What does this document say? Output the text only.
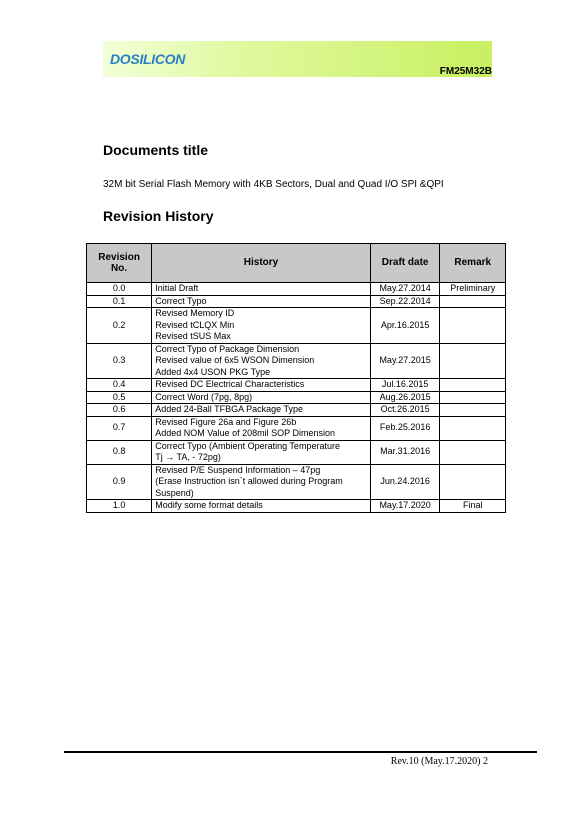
DOSILICON
FM25M32B
Documents title
32M bit Serial Flash Memory with 4KB Sectors, Dual and Quad I/O SPI &QPI
Revision History
Revision No.	History	Draft date	Remark
0.0	Initial Draft	May.27.2014	Preliminary
0.1	Correct Typo	Sep.22.2014	
0.2	Revised Memory ID
Revised tCLQX Min
Revised tSUS Max	Apr.16.2015	
0.3	Correct Typo of Package Dimension
Revised value of 6x5 WSON Dimension
Added 4x4 USON PKG Type	May.27.2015	
0.4	Revised DC Electrical Characteristics	Jul.16.2015	
0.5	Correct Word (7pg, 8pg)	Aug.26.2015	
0.6	Added 24-Ball TFBGA Package Type	Oct.26.2015	
0.7	Revised Figure 26a and Figure 26b
Added NOM Value of 208mil SOP Dimension	Feb.25.2016	
0.8	Correct Typo (Ambient Operating Temperature
Tj → TA, - 72pg)	Mar.31.2016	
0.9	Revised P/E Suspend Information – 47pg
(Erase Instruction isn`t allowed during Program
Suspend)	Jun.24.2016	
1.0	Modify some format details	May.17.2020	Final
Rev.10 (May.17.2020) 2
